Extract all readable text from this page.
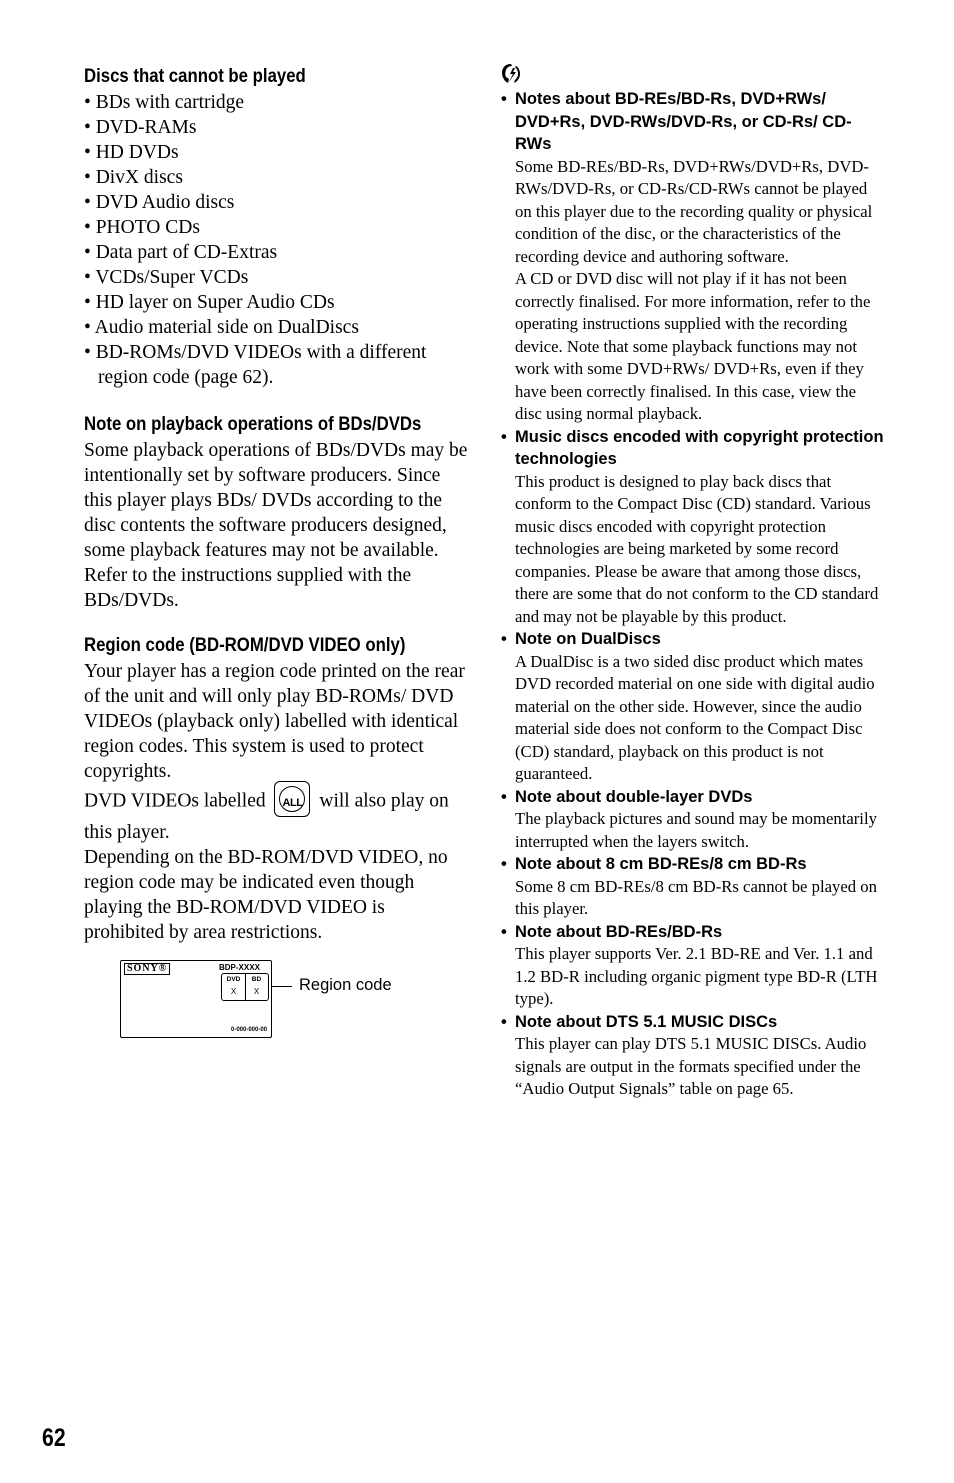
Discs that cannot be played
• BDs with cartridge
• DVD-RAMs
• HD DVDs
• DivX discs
• DVD Audio discs
• PHOTO CDs
• Data part of CD-Extras
• VCDs/Super VCDs
• HD layer on Super Audio CDs
• Audio material side on DualDiscs
• BD-ROMs/DVD VIDEOs with a different region code (page 62).
Note on playback operations of BDs/DVDs

Some playback operations of BDs/DVDs may be intentionally set by software producers. Since this player plays BDs/ DVDs according to the disc contents the software producers designed, some playback features may not be available. Refer to the instructions supplied with the BDs/DVDs.

Region code (BD-ROM/DVD VIDEO only)

Your player has a region code printed on the rear of the unit and will only play BD-ROMs/ DVD VIDEOs (playback only) labelled with identical region codes. This system is used to protect copyrights.

DVD VIDEOs labelled	ALL will also play on this player.

Depending on the BD-ROM/DVD VIDEO, no region code may be indicated even though playing the BD-ROM/DVD VIDEO is prohibited by area restrictions.

SONY®	BDP-XXXX
DVD	BD
X	X
0-000-000-00
Region code
• Notes about BD-REs/BD-Rs, DVD+RWs/ DVD+Rs, DVD-RWs/DVD-Rs, or CD-Rs/ CD-RWs

Some BD-REs/BD-Rs, DVD+RWs/DVD+Rs, DVD-RWs/DVD-Rs, or CD-Rs/CD-RWs cannot be played on this player due to the recording quality or physical condition of the disc, or the characteristics of the recording device and authoring software.

A CD or DVD disc will not play if it has not been correctly finalised. For more information, refer to the operating instructions supplied with the recording device. Note that some playback functions may not work with some DVD+RWs/ DVD+Rs, even if they have been correctly finalised. In this case, view the disc using normal playback.

• Music discs encoded with copyright protection technologies

This product is designed to play back discs that conform to the Compact Disc (CD) standard. Various music discs encoded with copyright protection technologies are being marketed by some record companies. Please be aware that among those discs, there are some that do not conform to the CD standard and may not be playable by this product.

• Note on DualDiscs

A DualDisc is a two sided disc product which mates DVD recorded material on one side with digital audio material on the other side. However, since the audio material side does not conform to the Compact Disc (CD) standard, playback on this product is not guaranteed.

• Note about double-layer DVDs

The playback pictures and sound may be momentarily interrupted when the layers switch.

• Note about 8 cm BD-REs/8 cm BD-Rs

Some 8 cm BD-REs/8 cm BD-Rs cannot be played on this player.

• Note about BD-REs/BD-Rs

This player supports Ver. 2.1 BD-RE and Ver. 1.1 and 1.2 BD-R including organic pigment type BD-R (LTH type).

• Note about DTS 5.1 MUSIC DISCs

This player can play DTS 5.1 MUSIC DISCs. Audio signals are output in the formats specified under the “Audio Output Signals” table on page 65.

62
